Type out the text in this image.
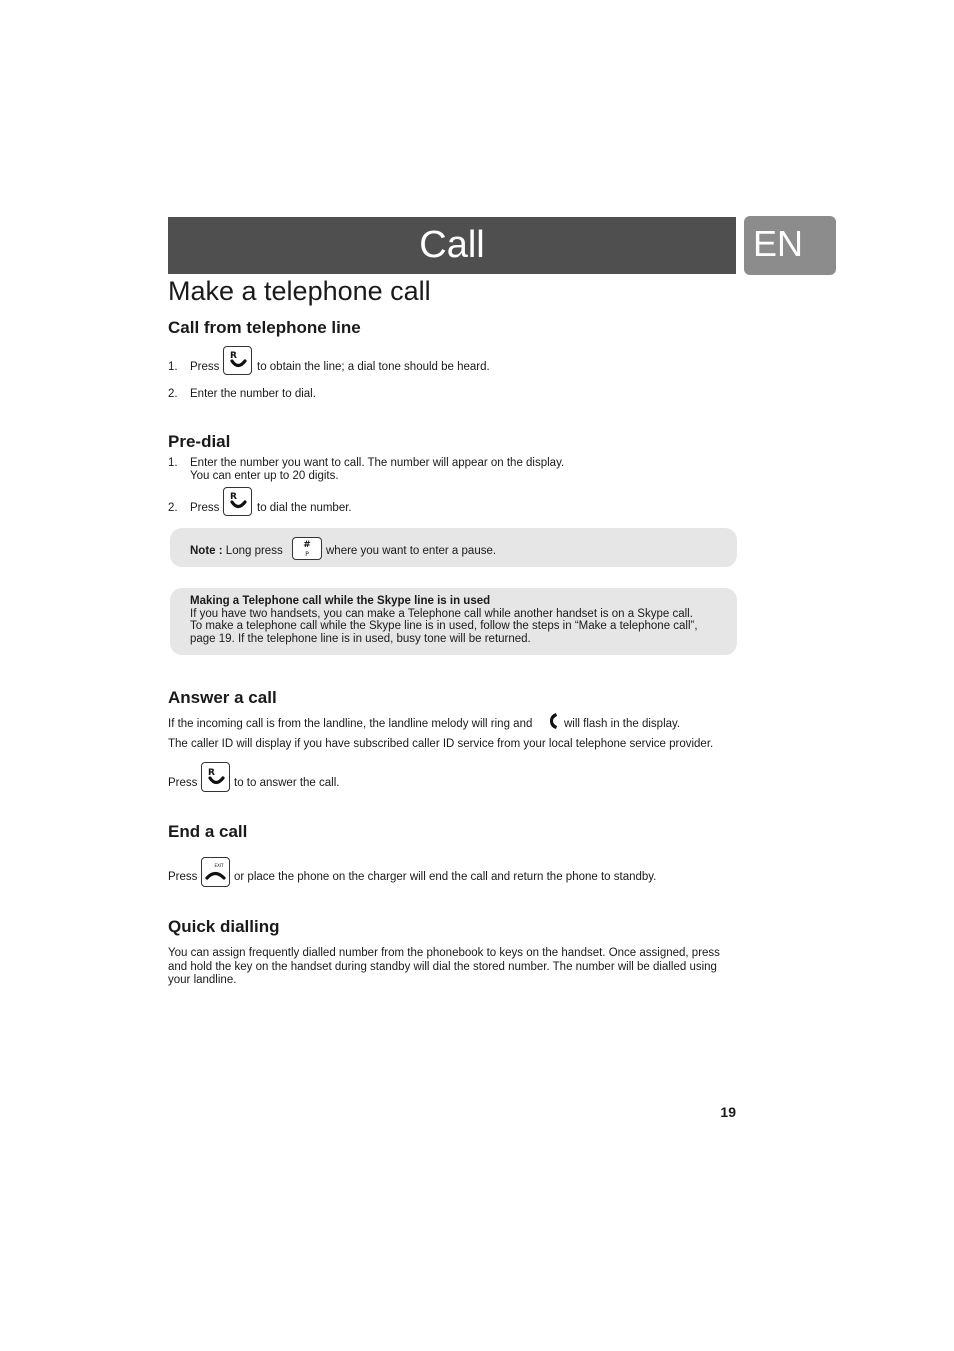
Call	EN
Make a telephone call
Call from telephone line
1. Press
R
to obtain the line; a dial tone should be heard.
2. Enter the number to dial.
Pre-dial
1. Enter the number you want to call. The number will appear on the display.
You can enter up to 20 digits.
2. Press
R
to dial the number.
Note : Long press #
P where you want to enter a pause.
Making a Telephone call while the Skype line is in used
If you have two handsets, you can make a Telephone call while another handset is on a Skype call.
To make a telephone call while the Skype line is in used, follow the steps in “Make a telephone call”,
page 19. If the telephone line is in used, busy tone will be returned.
Answer a call
If the incoming call is from the landline, the landline melody will ring and	will flash in the display.
The caller ID will display if you have subscribed caller ID service from your local telephone service provider.
Press
R
to to answer the call.
End a call
Press
EXIT
or place the phone on the charger will end the call and return the phone to standby.
Quick dialling
You can assign frequently dialled number from the phonebook to keys on the handset. Once assigned, press
and hold the key on the handset during standby will dial the stored number. The number will be dialled using
your landline.
19
